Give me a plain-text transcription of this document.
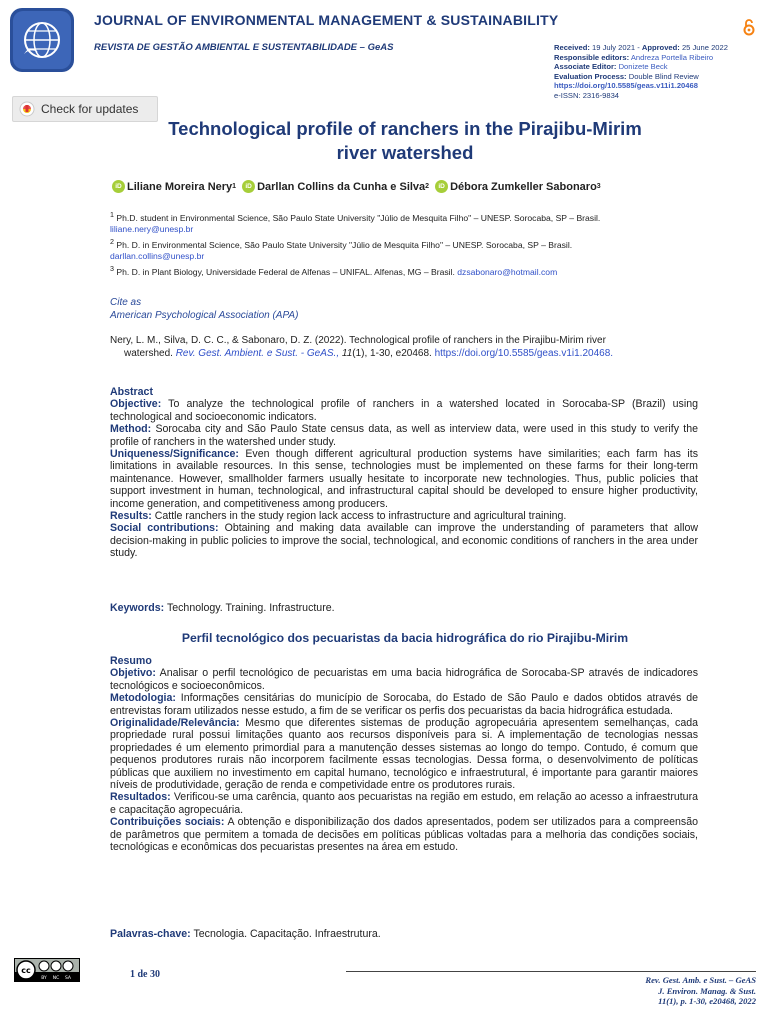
JOURNAL OF ENVIRONMENTAL MANAGEMENT & SUSTAINABILITY
REVISTA DE GESTÃO AMBIENTAL E SUSTENTABILIDADE – GeAS	Received: 19 July 2021 - Approved: 25 June 2022
Responsible editors: Andreza Portella Ribeiro
Associate Editor: Donizete Beck
Evaluation Process: Double Blind Review
https://doi.org/10.5585/geas.v11i1.20468
e-ISSN: 2316-9834
Check for updates
Technological profile of ranchers in the Pirajibu-Mirim river watershed
iD Liliane Moreira Nery 1	iD Darllan Collins da Cunha e Silva 2	iD Débora Zumkeller Sabonaro 3

$^1$ Ph.D. student in Environmental Science, São Paulo State University "Júlio de Mesquita Filho" – UNESP. Sorocaba, SP – Brasil.
liliane.nery@unesp.br

$^2$ Ph. D. in Environmental Science, São Paulo State University "Júlio de Mesquita Filho" – UNESP. Sorocaba, SP – Brasil.
darllan.collins@unesp.br

$^3$ Ph. D. in Plant Biology, Universidade Federal de Alfenas – UNIFAL. Alfenas, MG – Brasil. dzsabonaro@hotmail.com

Cite as
American Psychological Association (APA)
Nery, L. M., Silva, D. C. C., & Sabonaro, D. Z. (2022). Technological profile of ranchers in the Pirajibu-Mirim river
watershed. Rev. Gest. Ambient. e Sust. - GeAS., 11(1), 1-30, e20468. https://doi.org/10.5585/geas.v1i1.20468.

Abstract

Objective: To analyze the technological profile of ranchers in a watershed located in Sorocaba-SP (Brazil) using technological and socioeconomic indicators.

Method: Sorocaba city and São Paulo State census data, as well as interview data, were used in this study to verify the profile of ranchers in the watershed under study.

Uniqueness/Significance: Even though different agricultural production systems have similarities; each farm has its limitations in available resources. In this sense, technologies must be implemented on these farms for their long-term maintenance. However, smallholder farmers usually hesitate to incorporate new technologies. Thus, public policies that support investment in human, technological, and infrastructural capital should be developed to ensure higher productivity, income generation, and competitiveness among producers.

Results: Cattle ranchers in the study region lack access to infrastructure and agricultural training.

Social contributions: Obtaining and making data available can improve the understanding of parameters that allow decision-making in public policies to improve the social, technological, and economic conditions of ranchers in the area under study.

Keywords: Technology. Training. Infrastructure.
Perfil tecnológico dos pecuaristas da bacia hidrográfica do rio Pirajibu-Mirim

Resumo

Objetivo: Analisar o perfil tecnológico de pecuaristas em uma bacia hidrográfica de Sorocaba-SP através de indicadores tecnológicos e socioeconômicos.

Metodologia: Informações censitárias do município de Sorocaba, do Estado de São Paulo e dados obtidos através de entrevistas foram utilizados nesse estudo, a fim de se verificar os perfis dos pecuaristas da bacia hidrográfica estudada.

Originalidade/Relevância: Mesmo que diferentes sistemas de produção agropecuária apresentem semelhanças, cada propriedade rural possui limitações quanto aos recursos disponíveis para si. A implementação de tecnologias nessas propriedades é um elemento primordial para a manutenção desses sistemas ao longo do tempo. Contudo, é comum que pequenos produtores rurais não incorporem facilmente essas tecnologias. Dessa forma, o desenvolvimento de políticas públicas que auxiliem no investimento em capital humano, tecnológico e infraestrutural, é importante para garantir maiores níveis de produtividade, geração de renda e competividade entre os produtores rurais.

Resultados: Verificou-se uma carência, quanto aos pecuaristas na região em estudo, em relação ao acesso a infraestrutura e capacitação agropecuária.

Contribuições sociais: A obtenção e disponibilização dos dados apresentados, podem ser utilizados para a compreensão de parâmetros que permitem a tomada de decisões em políticas públicas voltadas para a melhoria das condições sociais, tecnológicas e econômicas dos pecuaristas presentes na área em estudo.

Palavras-chave: Tecnologia. Capacitação. Infraestrutura.
cc
BY NC SA	1 de 30	Rev. Gest. Amb. e Sust. – GeAS
J. Environ. Manag. & Sust.
11(1), p. 1-30, e20468, 2022
